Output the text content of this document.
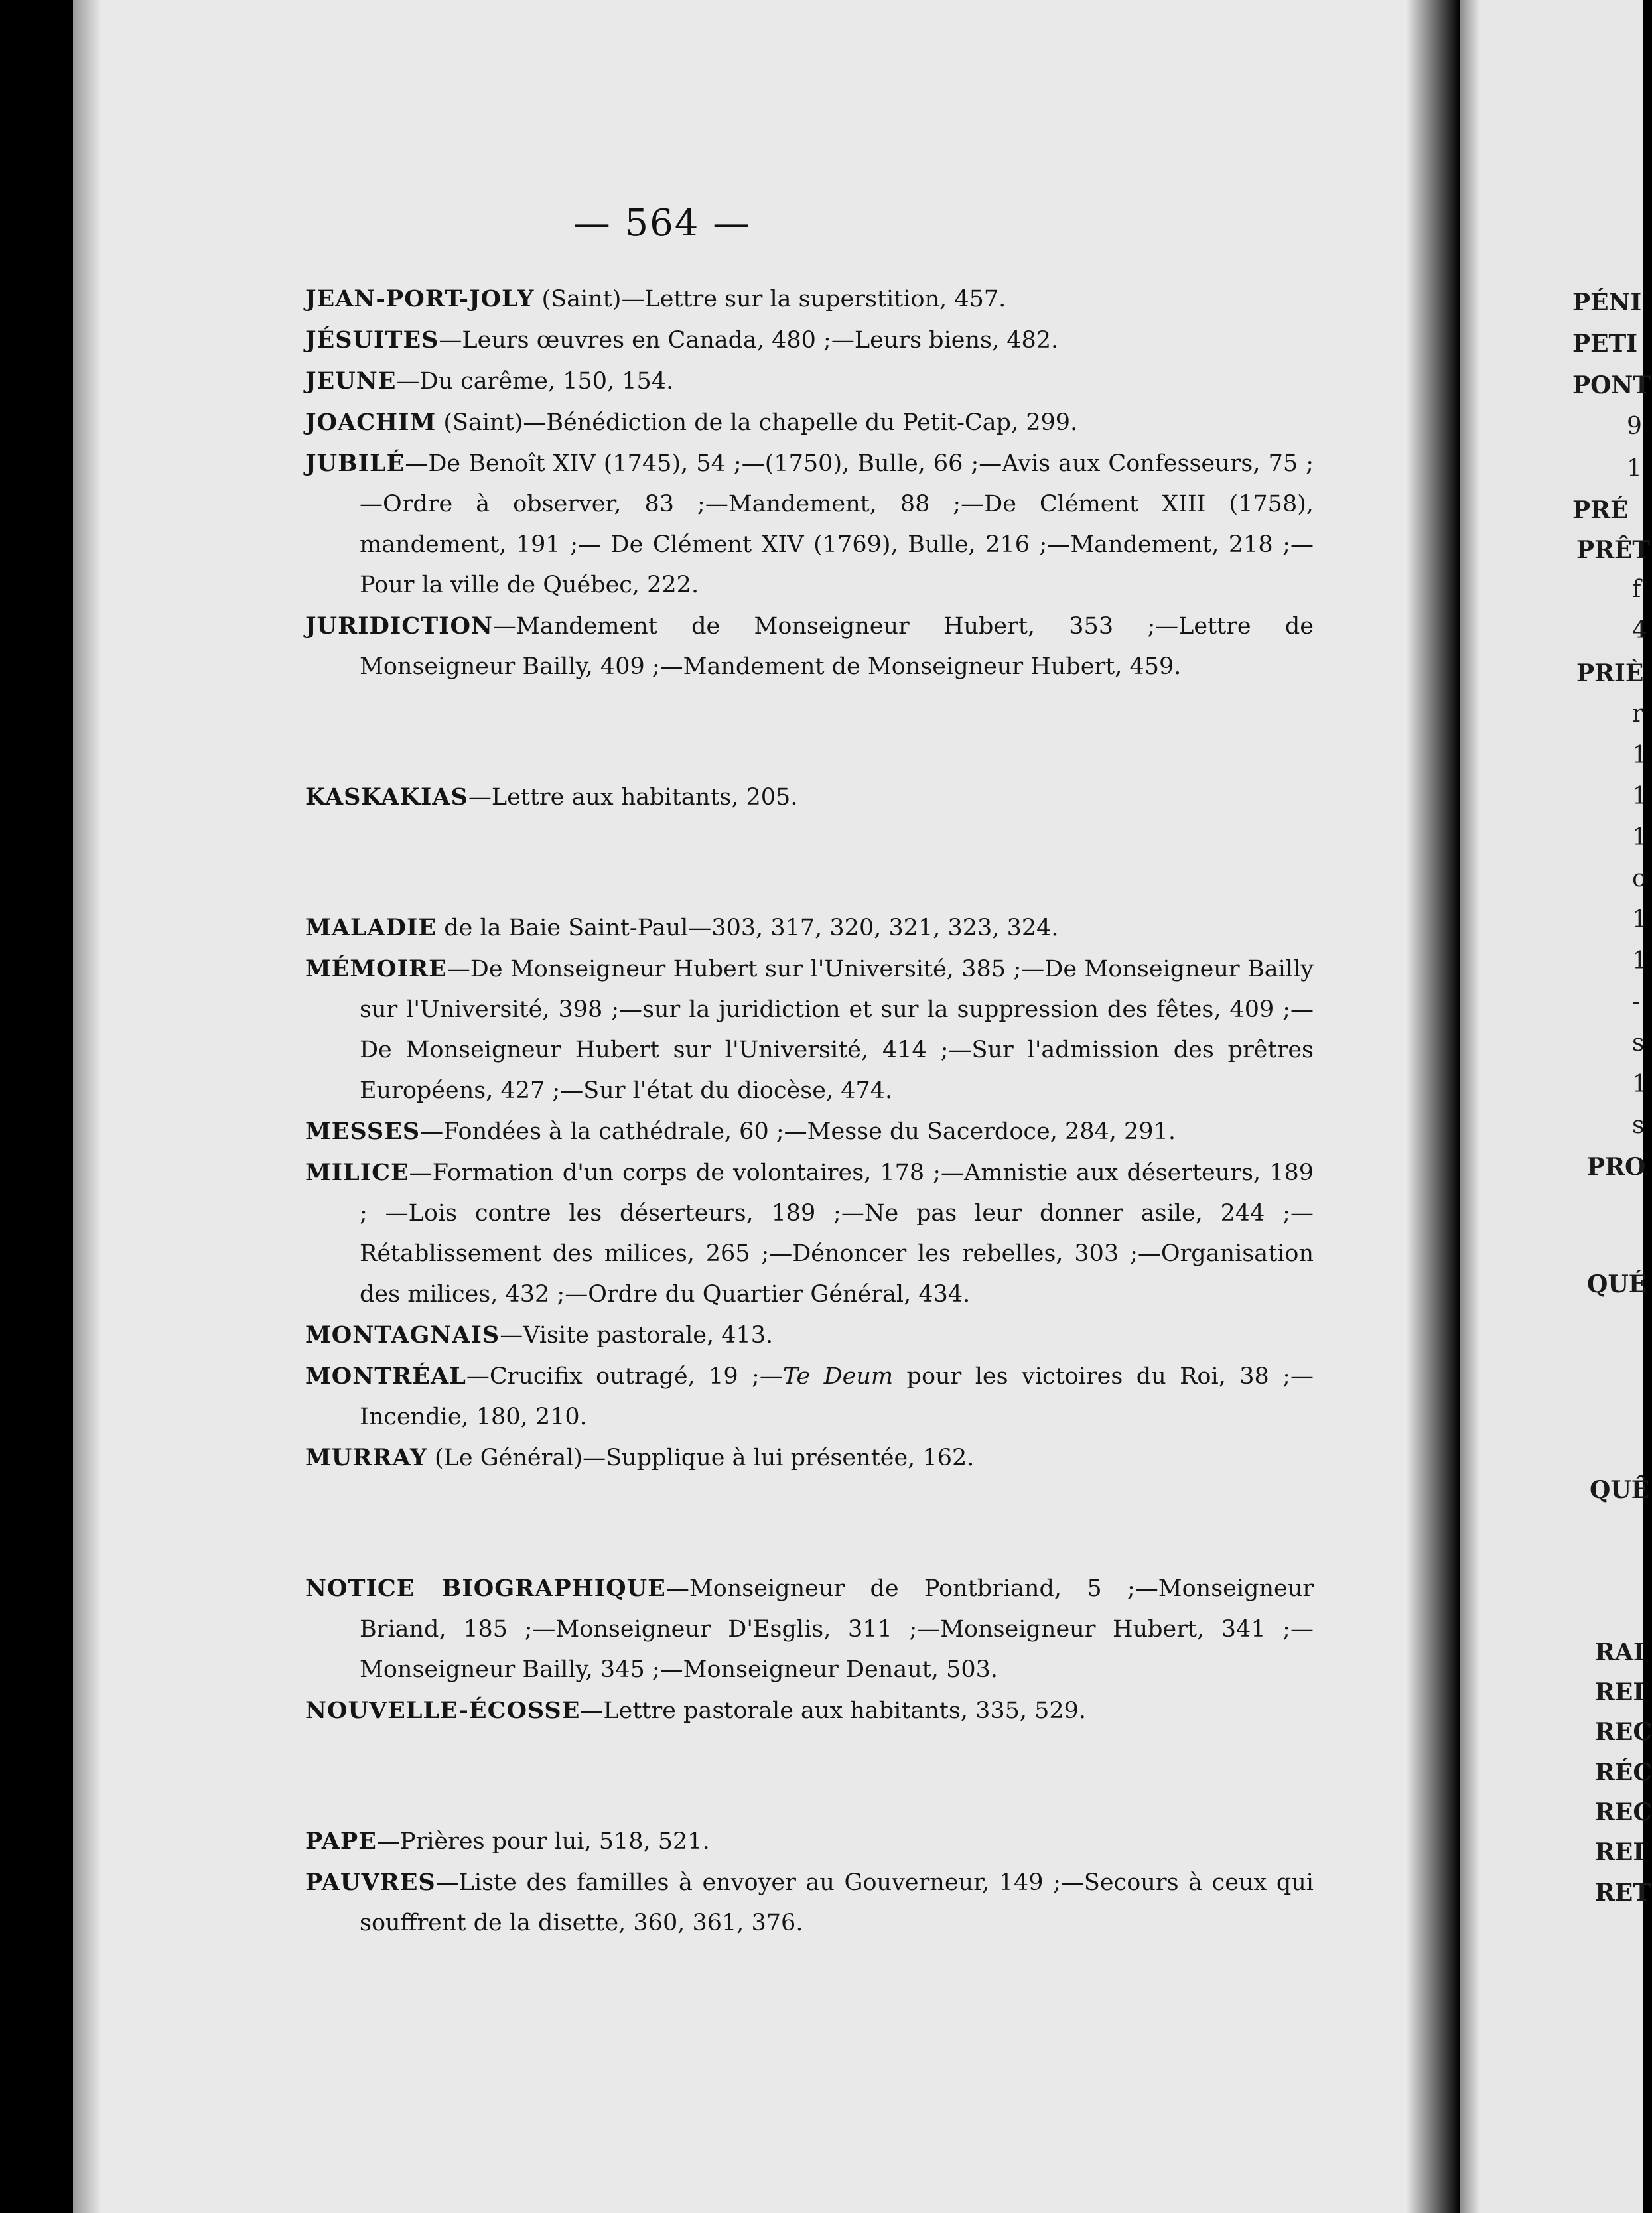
— 564 —
JEAN-PORT-JOLY (Saint)—Lettre sur la superstition, 457.
JÉSUITES—Leurs œuvres en Canada, 480 ;—Leurs biens, 482.
JEUNE—Du carême, 150, 154.
JOACHIM (Saint)—Bénédiction de la chapelle du Petit-Cap, 299.
JUBILÉ—De Benoît XIV (1745), 54 ;—(1750), Bulle, 66 ;—Avis aux Confesseurs, 75 ; —Ordre à observer, 83 ;—Mandement, 88 ;—De Clément XIII (1758), mandement, 191 ;— De Clément XIV (1769), Bulle, 216 ;—Mandement, 218 ;—Pour la ville de Québec, 222.
JURIDICTION—Mandement de Monseigneur Hubert, 353 ;—Lettre de Monseigneur Bailly, 409 ;—Mandement de Monseigneur Hubert, 459.
KASKAKIAS—Lettre aux habitants, 205.
MALADIE de la Baie Saint-Paul—303, 317, 320, 321, 323, 324.
MÉMOIRE—De Monseigneur Hubert sur l'Université, 385 ;—De Monseigneur Bailly sur l'Université, 398 ;—sur la juridiction et sur la suppression des fêtes, 409 ;—De Monseigneur Hubert sur l'Université, 414 ;—Sur l'admission des prêtres Européens, 427 ;—Sur l'état du diocèse, 474.
MESSES—Fondées à la cathédrale, 60 ;—Messe du Sacerdoce, 284, 291.
MILICE—Formation d'un corps de volontaires, 178 ;—Amnistie aux déserteurs, 189 ; —Lois contre les déserteurs, 189 ;—Ne pas leur donner asile, 244 ;—Rétablissement des milices, 265 ;—Dénoncer les rebelles, 303 ;—Organisation des milices, 432 ;—Ordre du Quartier Général, 434.
MONTAGNAIS—Visite pastorale, 413.
MONTRÉAL—Crucifix outragé, 19 ;—Te Deum pour les victoires du Roi, 38 ;—Incendie, 180, 210.
MURRAY (Le Général)—Supplique à lui présentée, 162.
NOTICE BIOGRAPHIQUE—Monseigneur de Pontbriand, 5 ;—Monseigneur Briand, 185 ;—Monseigneur D'Esglis, 311 ;—Monseigneur Hubert, 341 ;—Monseigneur Bailly, 345 ;—Monseigneur Denaut, 503.
NOUVELLE-ÉCOSSE—Lettre pastorale aux habitants, 335, 529.
PAPE—Prières pour lui, 518, 521.
PAUVRES—Liste des familles à envoyer au Gouverneur, 149 ;—Secours à ceux qui souffrent de la disette, 360, 361, 376.
PÉNI
PETI
PONT
9
1
PRÉ
PRÊT
f
4
PRIÈ
r
1
1
1
c
1
1
-
s
1
s
PRO
QUÉ
QUÊ
RAI
REI
REC
RÉC
REC
REI
RET
